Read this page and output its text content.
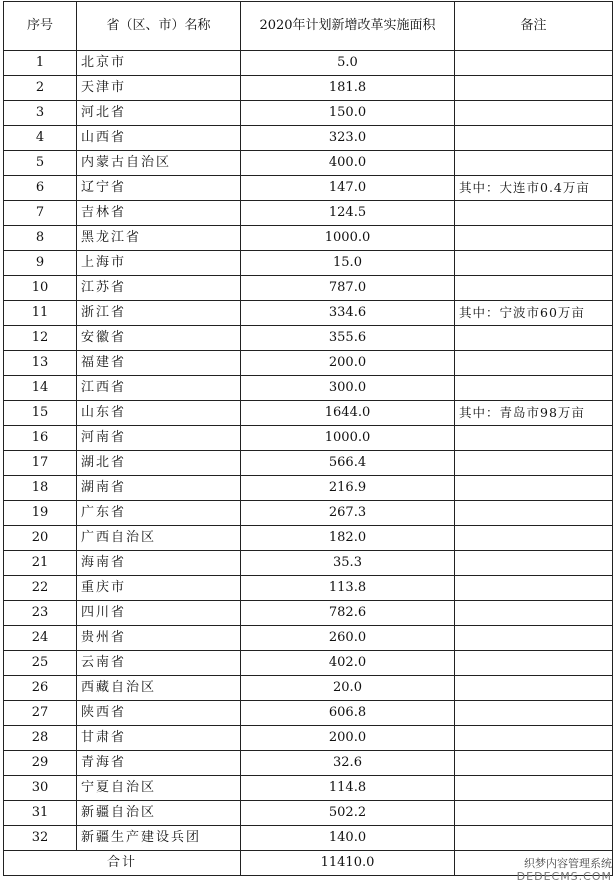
序号	省（区、市）名称	2020年计划新增改革实施面积	备注
1	北京市	5.0	
2	天津市	181.8	
3	河北省	150.0	
4	山西省	323.0	
5	内蒙古自治区	400.0	
6	辽宁省	147.0	其中：大连市0.4万亩
7	吉林省	124.5	
8	黑龙江省	1000.0	
9	上海市	15.0	
10	江苏省	787.0	
11	浙江省	334.6	其中：宁波市60万亩
12	安徽省	355.6	
13	福建省	200.0	
14	江西省	300.0	
15	山东省	1644.0	其中：青岛市98万亩
16	河南省	1000.0	
17	湖北省	566.4	
18	湖南省	216.9	
19	广东省	267.3	
20	广西自治区	182.0	
21	海南省	35.3	
22	重庆市	113.8	
23	四川省	782.6	
24	贵州省	260.0	
25	云南省	402.0	
26	西藏自治区	20.0	
27	陕西省	606.8	
28	甘肃省	200.0	
29	青海省	32.6	
30	宁夏自治区	114.8	
31	新疆自治区	502.2	
32	新疆生产建设兵团	140.0	
合计		11410.0		织梦内容管理系统
DEDECMS.COM
